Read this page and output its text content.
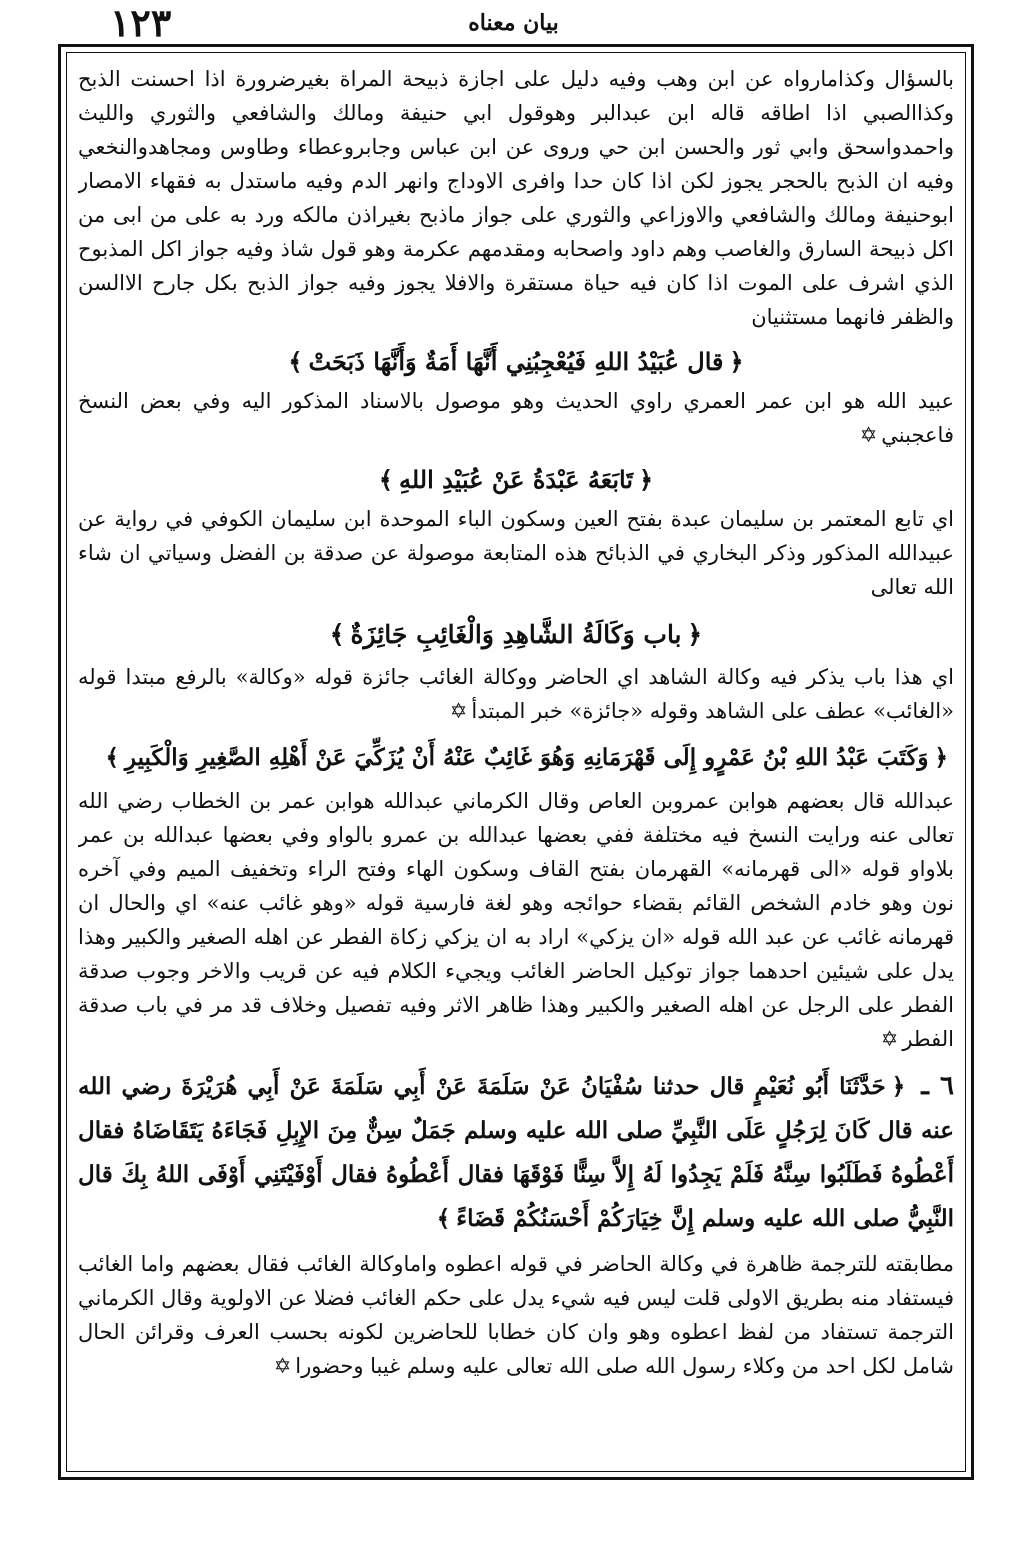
١٢٣	بيان معناه

بالسؤال وكذامارواه عن ابن وهب وفيه دليل على اجازة ذبيحة المراة بغيرضرورة اذا احسنت الذبح وكذاالصبي اذا اطاقه قاله ابن عبدالبر وهوقول ابي حنيفة ومالك والشافعي والثوري والليث واحمدواسحق وابي ثور والحسن ابن حي وروى عن ابن عباس وجابروعطاء وطاوس ومجاهدوالنخعي وفيه ان الذبح بالحجر يجوز لكن اذا كان حدا وافرى الاوداج وانهر الدم وفيه ماستدل به فقهاء الامصار ابوحنيفة ومالك والشافعي والاوزاعي والثوري على جواز ماذبح بغيراذن مالكه ورد به على من ابى من اكل ذبيحة السارق والغاصب وهم داود واصحابه ومقدمهم عكرمة وهو قول شاذ وفيه جواز اكل المذبوح الذي اشرف على الموت اذا كان فيه حياة مستقرة والافلا يجوز وفيه جواز الذبح بكل جارح الاالسن والظفر فانهما مستثنيان

﴿قال عُبَيْدُ اللهِ فَيُعْجِبُنِي أَنَّهَا أَمَةٌ وَأَنَّهَا ذَبَحَتْ﴾

عبيد الله هو ابن عمر العمري راوي الحديث وهو موصول بالاسناد المذكور اليه وفي بعض النسخ فاعجبني✡

﴿تَابَعَهُ عَبْدَةُ عَنْ عُبَيْدِ اللهِ﴾

اي تابع المعتمر بن سليمان عبدة بفتح العين وسكون الباء الموحدة ابن سليمان الكوفي في رواية عن عبيدالله المذكور وذكر البخاري في الذبائح هذه المتابعة موصولة عن صدقة بن الفضل وسياتي ان شاء الله تعالى

﴿باب وَكَالَةُ الشَّاهِدِ وَالْغَائِبِ جَائِزَةٌ﴾

اي هذا باب يذكر فيه وكالة الشاهد اي الحاضر ووكالة الغائب جائزة قوله «وكالة» بالرفع مبتدا قوله «الغائب» عطف على الشاهد وقوله «جائزة» خبر المبتدأ✡

﴿وَكَتَبَ عَبْدُ اللهِ بْنُ عَمْرٍو إِلَى قَهْرَمَانِهِ وَهُوَ غَائِبٌ عَنْهُ أَنْ يُزَكِّيَ عَنْ أَهْلِهِ الصَّغِيرِ وَالْكَبِيرِ﴾

عبدالله قال بعضهم هوابن عمروبن العاص وقال الكرماني عبدالله هوابن عمر بن الخطاب رضي الله تعالى عنه ورايت النسخ فيه مختلفة ففي بعضها عبدالله بن عمرو بالواو وفي بعضها عبدالله بن عمر بلاواو قوله «الى قهرمانه» القهرمان بفتح القاف وسكون الهاء وفتح الراء وتخفيف الميم وفي آخره نون وهو خادم الشخص القائم بقضاء حوائجه وهو لغة فارسية قوله «وهو غائب عنه» اي والحال ان قهرمانه غائب عن عبد الله قوله «ان يزكي» اراد به ان يزكي زكاة الفطر عن اهله الصغير والكبير وهذا يدل على شيئين احدهما جواز توكيل الحاضر الغائب ويجيء الكلام فيه عن قريب والاخر وجوب صدقة الفطر على الرجل عن اهله الصغير والكبير وهذا ظاهر الاثر وفيه تفصيل وخلاف قد مر في باب صدقة الفطر✡

٦ ـ﴿حَدَّثَنَا أَبُو نُعَيْمٍ قال حدثنا سُفْيَانُ عَنْ سَلَمَةَ عَنْ أَبِي سَلَمَةَ عَنْ أَبِي هُرَيْرَةَ رضي الله عنه قال كَانَ لِرَجُلٍ عَلَى النَّبِيِّ صلى الله عليه وسلم جَمَلٌ سِنٌّ مِنَ الإِبِلِ فَجَاءَهُ يَتَقَاضَاهُ فقال أَعْطُوهُ فَطَلَبُوا سِنَّهُ فَلَمْ يَجِدُوا لَهُ إِلاَّ سِنًّا فَوْقَهَا فقال أَعْطُوهُ فقال أَوْفَيْتَنِي أَوْفَى اللهُ بِكَ قال النَّبِيُّ صلى الله عليه وسلم إِنَّ خِيَارَكُمْ أَحْسَنُكُمْ قَضَاءً﴾

مطابقته للترجمة ظاهرة في وكالة الحاضر في قوله اعطوه واماوكالة الغائب فقال بعضهم واما الغائب فيستفاد منه بطريق الاولى قلت ليس فيه شيء يدل على حكم الغائب فضلا عن الاولوية وقال الكرماني الترجمة تستفاد من لفظ اعطوه وهو وان كان خطابا للحاضرين لكونه بحسب العرف وقرائن الحال شامل لكل احد من وكلاء رسول الله صلى الله تعالى عليه وسلم غيبا وحضورا✡
